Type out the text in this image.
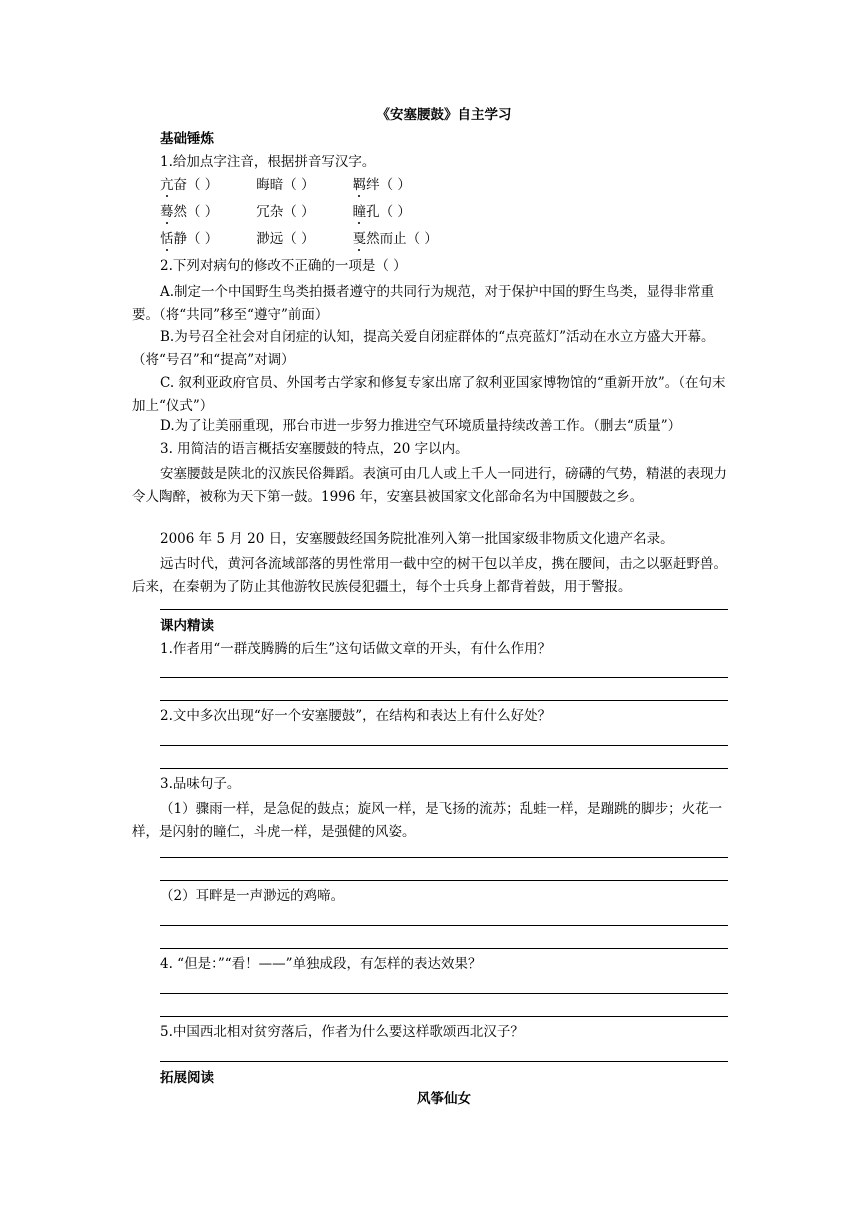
《安塞腰鼓》自主学习
基础锤炼
1.给加点字注音，根据拼音写汉字。
亢奋（ ）	晦暗（ ）	羁绊（ ）
蓦然（ ）	冗杂（ ）	瞳孔（ ）
恬静（ ）	渺远（ ）	戛然而止（ ）
2.下列对病句的修改不正确的一项是（ ）
A.制定一个中国野生鸟类拍摄者遵守的共同行为规范，对于保护中国的野生鸟类，显得非常重要。（将“共同”移至“遵守”前面）
B.为号召全社会对自闭症的认知，提高关爱自闭症群体的“点亮蓝灯”活动在水立方盛大开幕。（将“号召”和“提高”对调）
C. 叙利亚政府官员、外国考古学家和修复专家出席了叙利亚国家博物馆的“重新开放”。（在句末加上“仪式”）
D.为了让美丽重现，邢台市进一步努力推进空气环境质量持续改善工作。（删去“质量”）
3. 用简洁的语言概括安塞腰鼓的特点，20 字以内。
安塞腰鼓是陕北的汉族民俗舞蹈。表演可由几人或上千人一同进行，磅礴的气势，精湛的表现力令人陶醉，被称为天下第一鼓。1996 年，安塞县被国家文化部命名为中国腰鼓之乡。
2006 年 5 月 20 日，安塞腰鼓经国务院批准列入第一批国家级非物质文化遗产名录。
远古时代，黄河各流域部落的男性常用一截中空的树干包以羊皮，携在腰间，击之以驱赶野兽。后来，在秦朝为了防止其他游牧民族侵犯疆土，每个士兵身上都背着鼓，用于警报。
课内精读
1.作者用“一群茂腾腾的后生”这句话做文章的开头，有什么作用？
2.文中多次出现“好一个安塞腰鼓”，在结构和表达上有什么好处？
3.品味句子。
（1）骤雨一样，是急促的鼓点；旋风一样，是飞扬的流苏；乱蛙一样，是蹦跳的脚步；火花一样，是闪射的瞳仁，斗虎一样，是强健的风姿。
（2）耳畔是一声渺远的鸡啼。
4. “但是：”“看！——”单独成段，有怎样的表达效果？
5.中国西北相对贫穷落后，作者为什么要这样歌颂西北汉子？
拓展阅读
风筝仙女
